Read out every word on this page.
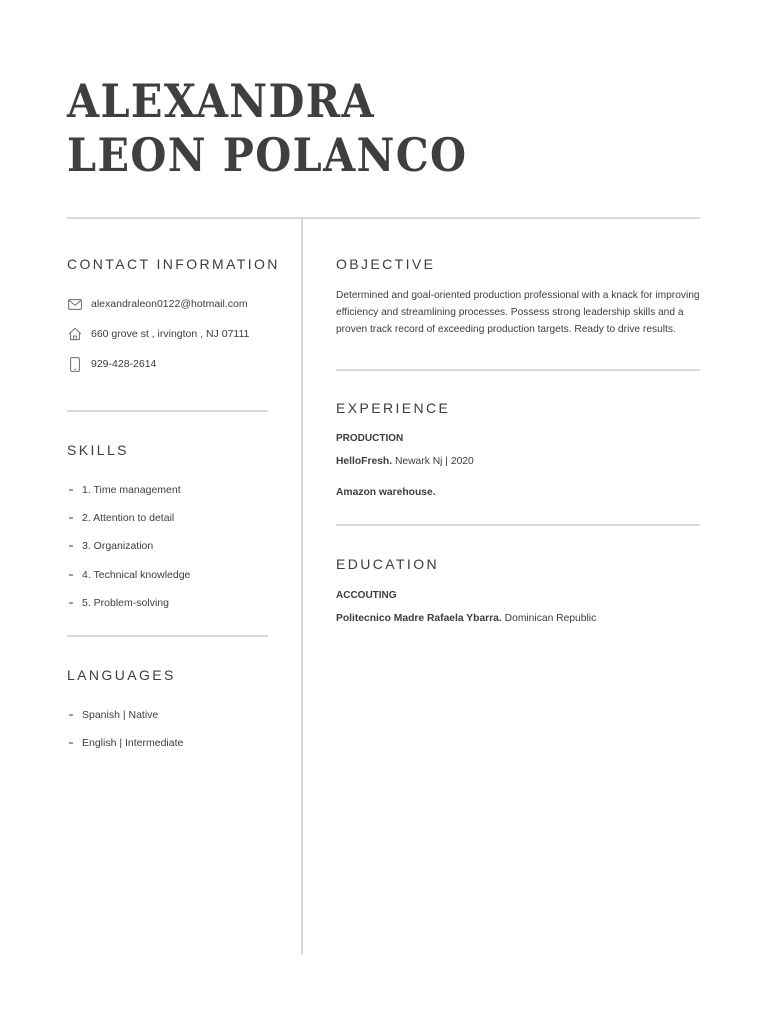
ALEXANDRA
LEON POLANCO
CONTACT INFORMATION
alexandraleon0122@hotmail.com
660 grove st , irvington , NJ 07111
929-428-2614
SKILLS
1. Time management
2. Attention to detail
3. Organization
4. Technical knowledge
5. Problem-solving
LANGUAGES
Spanish | Native
English | Intermediate
OBJECTIVE

Determined and goal-oriented production professional with a knack for improving efficiency and streamlining processes. Possess strong leadership skills and a proven track record of exceeding production targets. Ready to drive results.

EXPERIENCE

PRODUCTION

HelloFresh. Newark Nj | 2020

Amazon warehouse.

EDUCATION

ACCOUTING

Politecnico Madre Rafaela Ybarra. Dominican Republic
